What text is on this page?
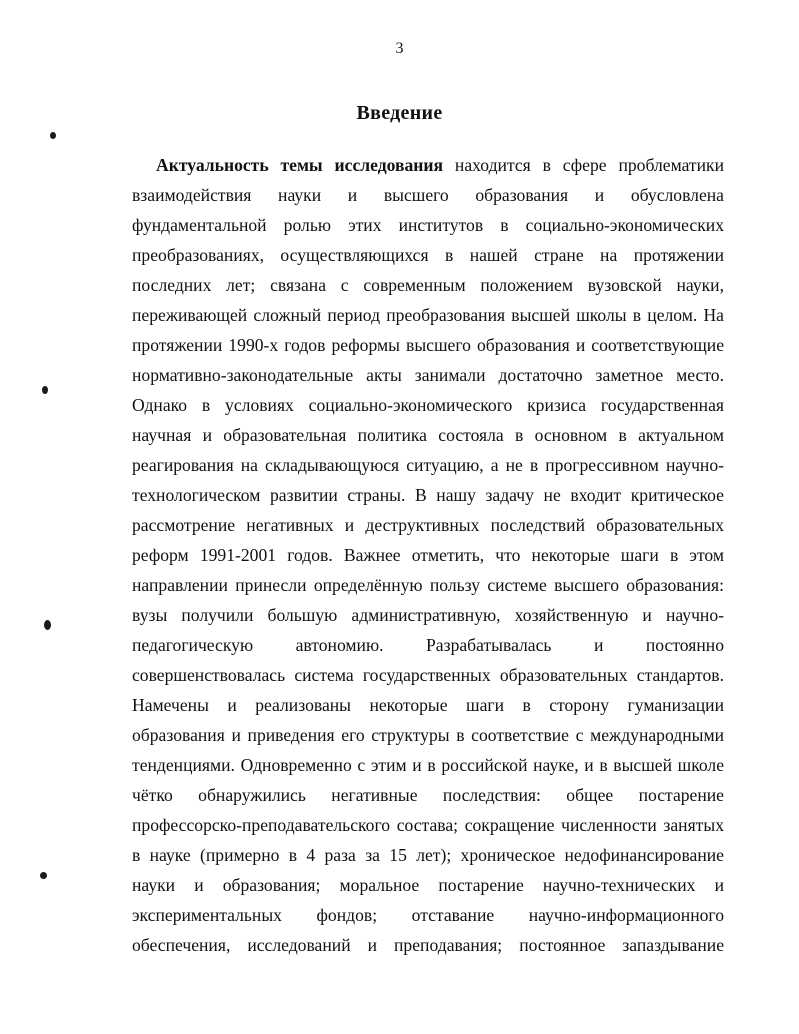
3
Введение
Актуальность темы исследования находится в сфере проблематики
взаимодействия науки и высшего образования и обусловлена
фундаментальной ролью этих институтов в социально-экономических
преобразованиях, осуществляющихся в нашей стране на протяжении
последних лет; связана с современным положением вузовской науки,
переживающей сложный период преобразования высшей школы в целом. На
протяжении 1990-х годов реформы высшего образования и соответствующие
нормативно-законодательные акты занимали достаточно заметное место.
Однако в условиях социально-экономического кризиса государственная
научная и образовательная политика состояла в основном в актуальном
реагирования на складывающуюся ситуацию, а не в прогрессивном научно-
технологическом развитии страны. В нашу задачу не входит критическое
рассмотрение негативных и деструктивных последствий образовательных
реформ 1991-2001 годов. Важнее отметить, что некоторые шаги в этом
направлении принесли определённую пользу системе высшего образования:
вузы получили большую административную, хозяйственную и научно-
педагогическую автономию. Разрабатывалась и постоянно
совершенствовалась система государственных образовательных стандартов.
Намечены и реализованы некоторые шаги в сторону гуманизации
образования и приведения его структуры в соответствие с международными
тенденциями. Одновременно с этим и в российской науке, и в высшей школе
чётко обнаружились негативные последствия: общее постарение
профессорско-преподавательского состава; сокращение численности занятых
в науке (примерно в 4 раза за 15 лет); хроническое недофинансирование
науки и образования; моральное постарение научно-технических и
экспериментальных фондов; отставание научно-информационного
обеспечения, исследований и преподавания; постоянное запаздывание
